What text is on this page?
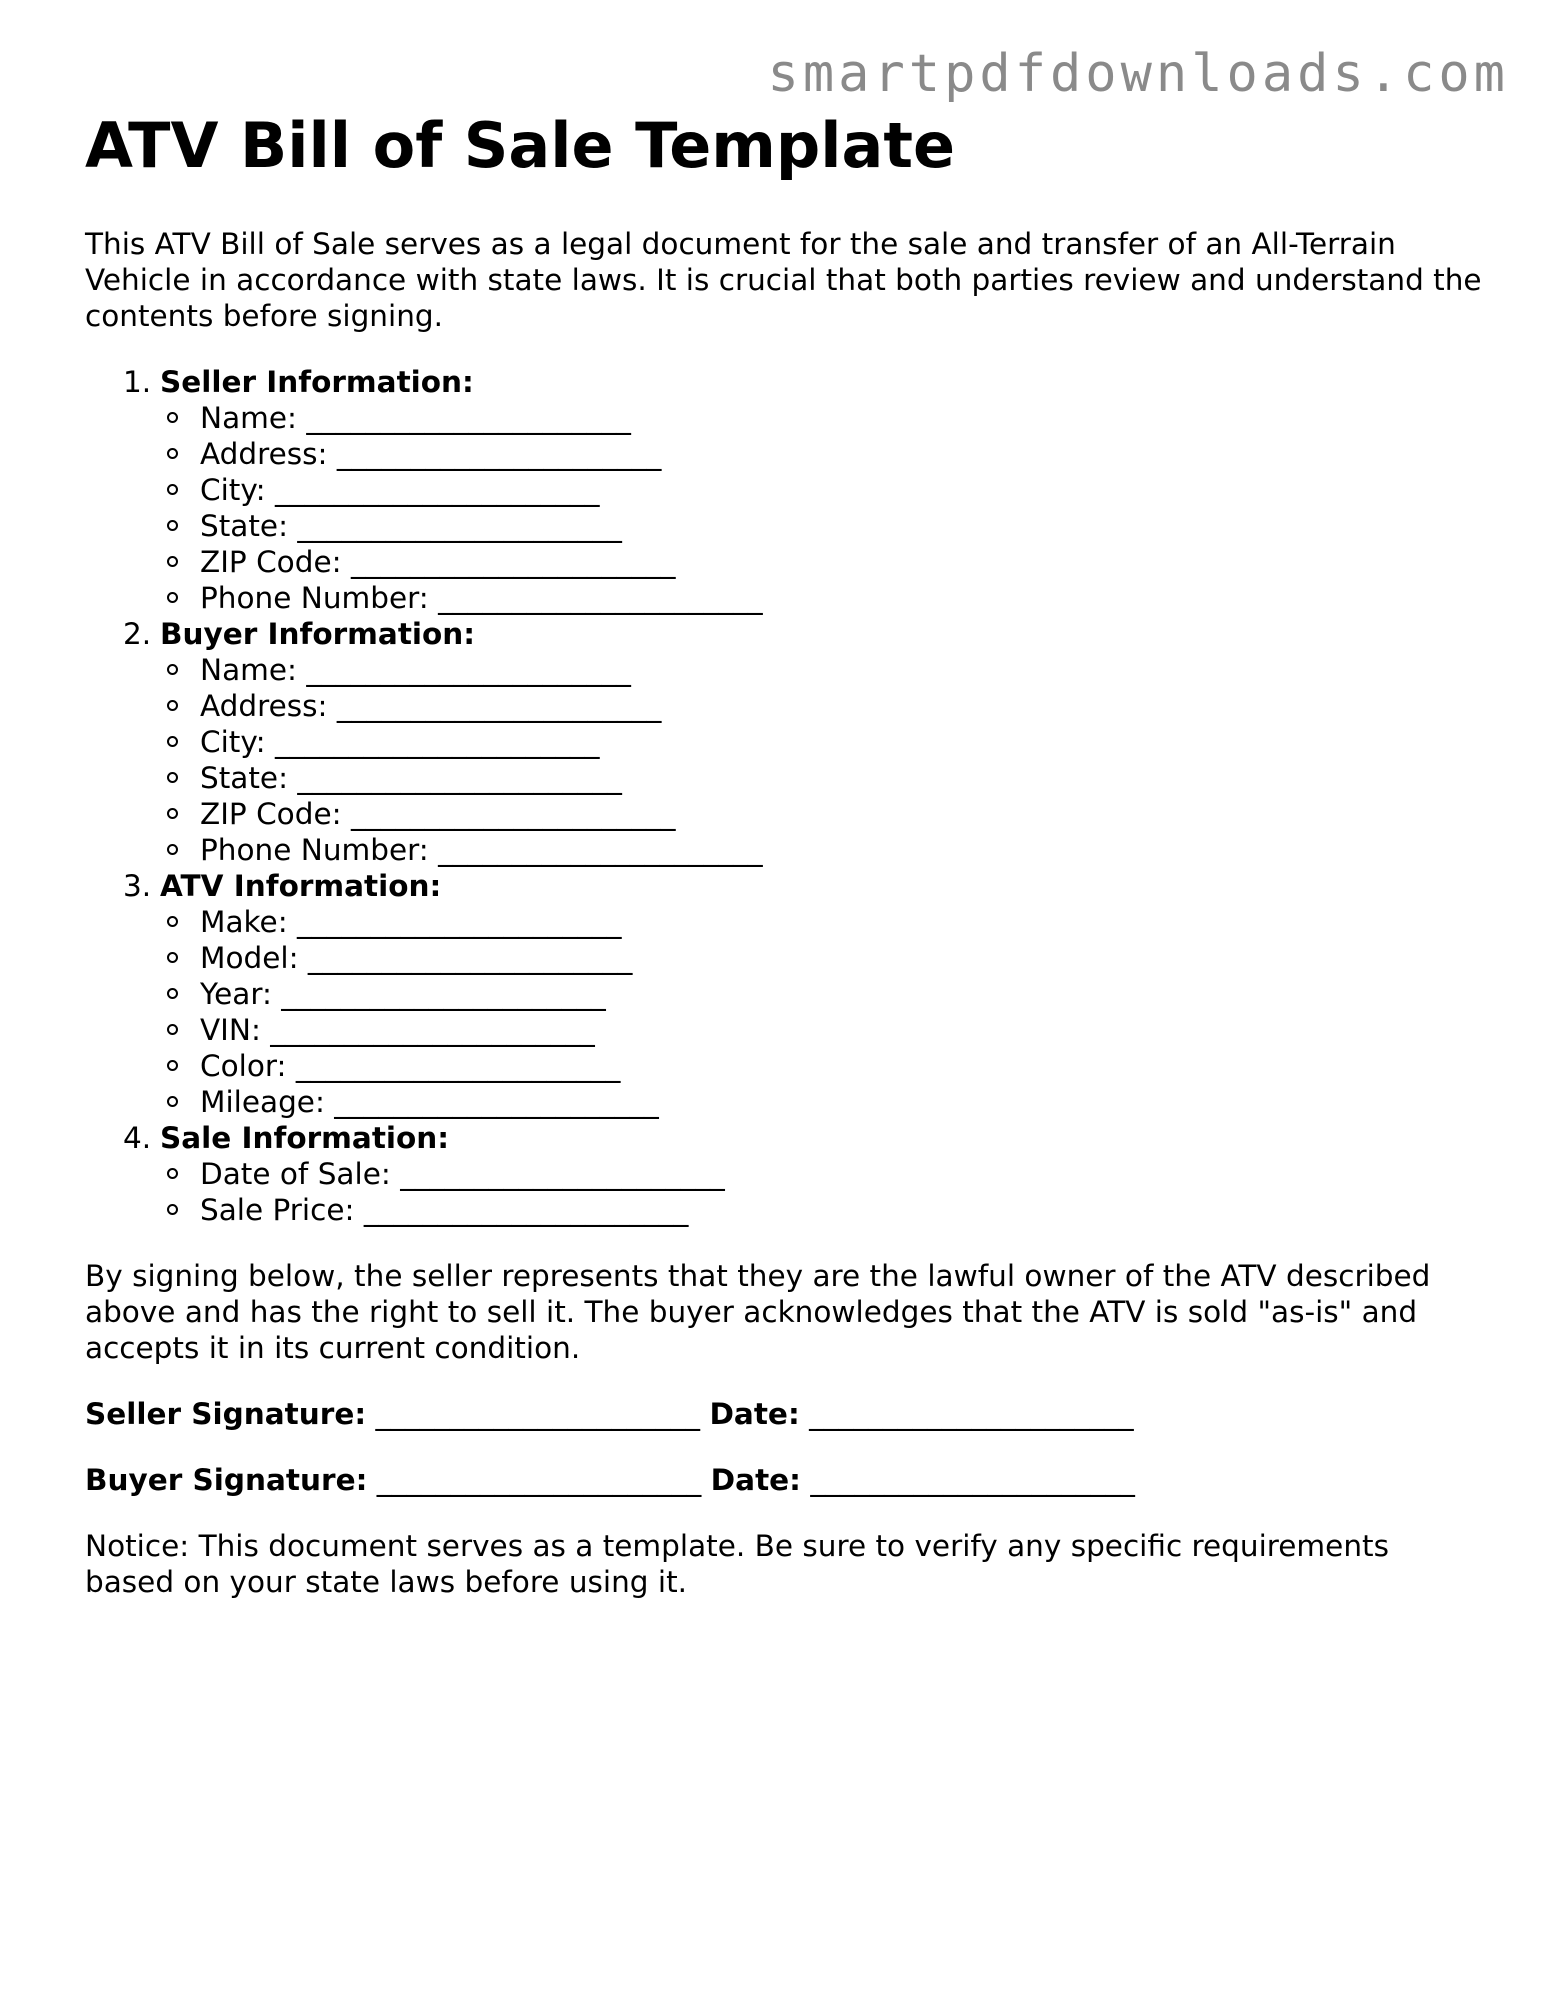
smartpdfdownloads.com
ATV Bill of Sale Template

This ATV Bill of Sale serves as a legal document for the sale and transfer of an All-Terrain Vehicle in accordance with state laws. It is crucial that both parties review and understand the contents before signing.

1. Seller Information:
Name: ______________________
Address: ______________________
City: ______________________
State: ______________________
ZIP Code: ______________________
Phone Number: ______________________
2. Buyer Information:
Name: ______________________
Address: ______________________
City: ______________________
State: ______________________
ZIP Code: ______________________
Phone Number: ______________________
3. ATV Information:
Make: ______________________
Model: ______________________
Year: ______________________
VIN: ______________________
Color: ______________________
Mileage: ______________________
4. Sale Information:
Date of Sale: ______________________
Sale Price: ______________________

By signing below, the seller represents that they are the lawful owner of the ATV described above and has the right to sell it. The buyer acknowledges that the ATV is sold "as-is" and accepts it in its current condition.

Seller Signature: ______________________ Date: ______________________
Buyer Signature: ______________________ Date: ______________________

Notice: This document serves as a template. Be sure to verify any specific requirements based on your state laws before using it.
